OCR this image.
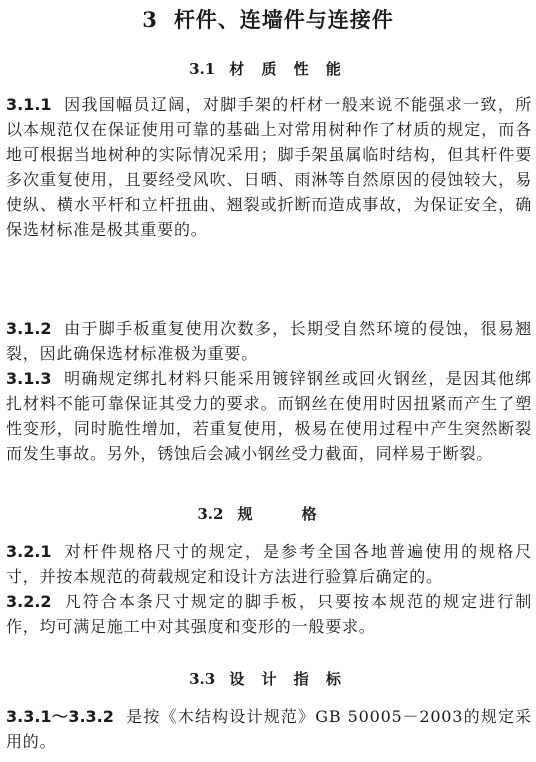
3 杆件、连墙件与连接件
3.1 材 质 性 能

3.1.1 因我国幅员辽阔，对脚手架的杆材一般来说不能强求一致，所以本规范仅在保证使用可靠的基础上对常用树种作了材质的规定，而各地可根据当地树种的实际情况采用；脚手架虽属临时结构，但其杆件要多次重复使用，且要经受风吹、日晒、雨淋等自然原因的侵蚀较大，易使纵、横水平杆和立杆扭曲、翘裂或折断而造成事故，为保证安全，确保选材标准是极其重要的。

3.1.2 由于脚手板重复使用次数多，长期受自然环境的侵蚀，很易翘裂，因此确保选材标准极为重要。

3.1.3 明确规定绑扎材料只能采用镀锌钢丝或回火钢丝，是因其他绑扎材料不能可靠保证其受力的要求。而钢丝在使用时因扭紧而产生了塑性变形，同时脆性增加，若重复使用，极易在使用过程中产生突然断裂而发生事故。另外，锈蚀后会减小钢丝受力截面，同样易于断裂。

3.2 规 格

3.2.1 对杆件规格尺寸的规定，是参考全国各地普遍使用的规格尺寸，并按本规范的荷载规定和设计方法进行验算后确定的。

3.2.2 凡符合本条尺寸规定的脚手板，只要按本规范的规定进行制作，均可满足施工中对其强度和变形的一般要求。

3.3 设 计 指 标

3.3.1～3.3.2 是按《木结构设计规范》GB 50005－2003的规定采用的。
